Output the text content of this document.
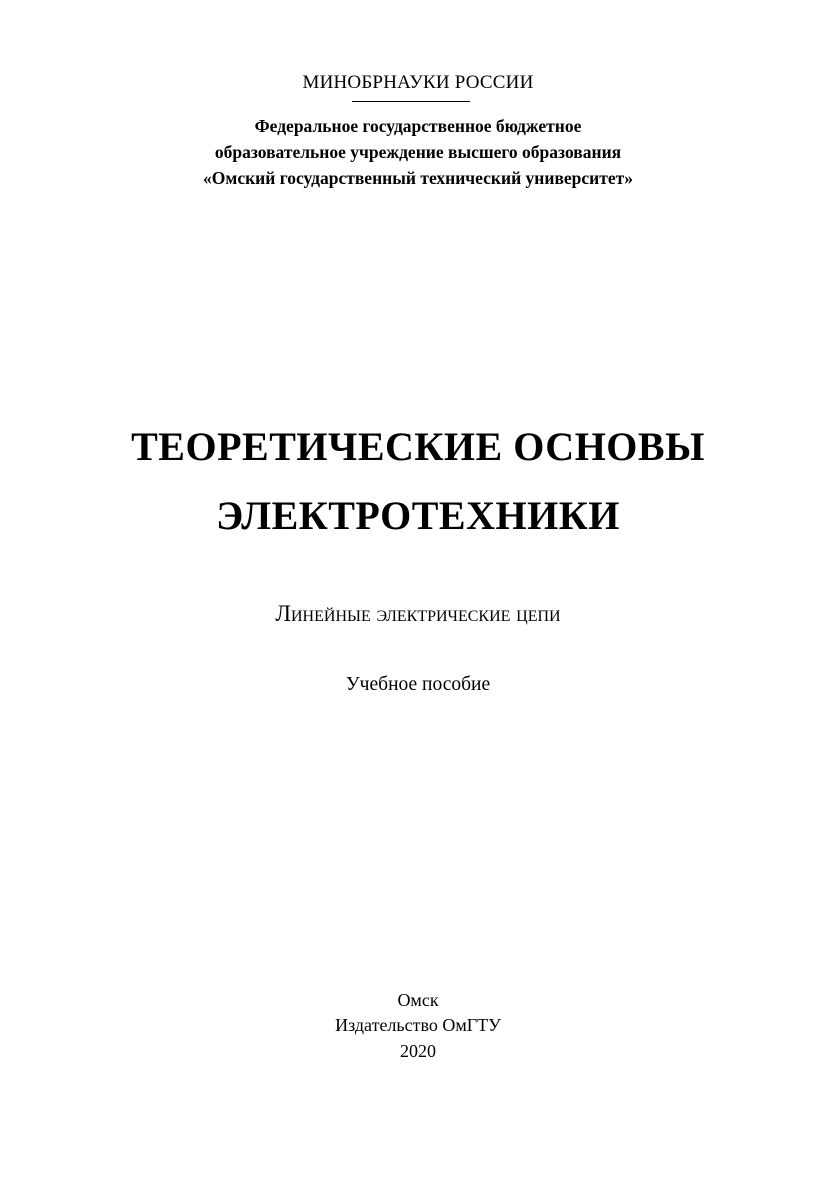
МИНОБРНАУКИ РОССИИ
Федеральное государственное бюджетное
образовательное учреждение высшего образования
«Омский государственный технический университет»
ТЕОРЕТИЧЕСКИЕ ОСНОВЫ
ЭЛЕКТРОТЕХНИКИ
Линейные электрические цепи
Учебное пособие
Омск
Издательство ОмГТУ
2020
